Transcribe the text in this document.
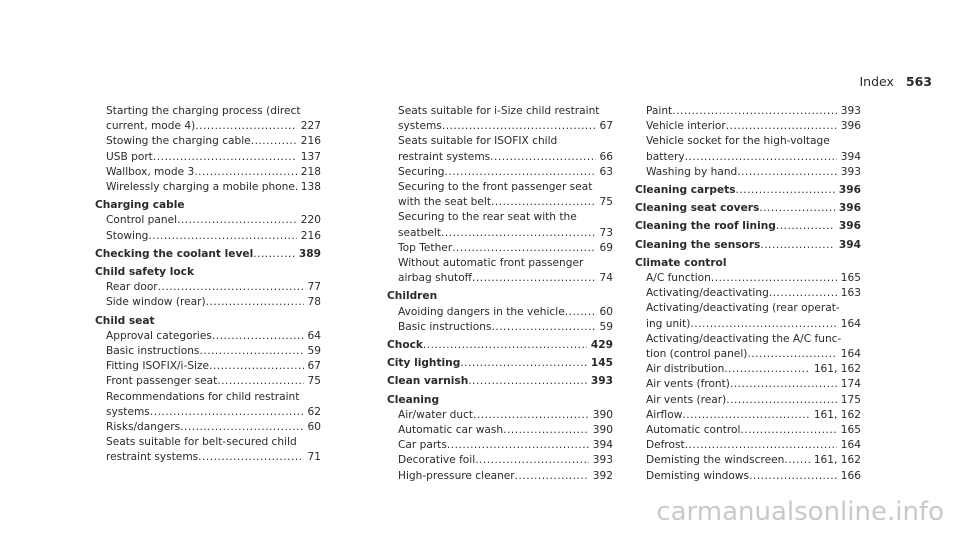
Index 563
Starting the charging process (direct
current, mode 4) .....	227
Stowing the charging cable .....	216
USB port .....	137
Wallbox, mode 3 .....	218
Wirelessly charging a mobile phone ..... 138
Charging cable
Control panel .....	220
Stowing .....	216
Checking the coolant level .....	389
Child safety lock
Rear door .....	77
Side window (rear) .....	78
Child seat
Approval categories .....	64
Basic instructions .....	59
Fitting ISOFIX/i-Size .....	67
Front passenger seat .....	75
Recommendations for child restraint
systems .....	62
Risks/dangers .....	60
Seats suitable for belt-secured child
restraint systems .....	71
Seats suitable for i-Size child restraint
systems .....	67
Seats suitable for ISOFIX child
restraint systems .....	66
Securing .....	63
Securing to the front passenger seat
with the seat belt .....	75
Securing to the rear seat with the
seatbelt .....	73
Top Tether .....	69
Without automatic front passenger
airbag shutoff .....	74
Children
Avoiding dangers in the vehicle .....	60
Basic instructions .....	59
Chock .....	429
City lighting .....	145
Clean varnish .....	393
Cleaning
Air/water duct .....	390
Automatic car wash .....	390
Car parts .....	394
Decorative foil .....	393
High-pressure cleaner .....	392
Paint .....	393
Vehicle interior .....	396
Vehicle socket for the high-voltage
battery .....	394
Washing by hand .....	393
Cleaning carpets .....	396
Cleaning seat covers .....	396
Cleaning the roof lining .....	396
Cleaning the sensors .....	394
Climate control
A/C function .....	165
Activating/deactivating .....	163
Activating/deactivating (rear operat-
ing unit) .....	164
Activating/deactivating the A/C func-
tion (control panel) .....	164
Air distribution .....	161, 162
Air vents (front) .....	174
Air vents (rear) .....	175
Airflow .....	161, 162
Automatic control .....	165
Defrost .....	164
Demisting the windscreen .....	161, 162
Demisting windows .....	166
carmanualsonline.info
